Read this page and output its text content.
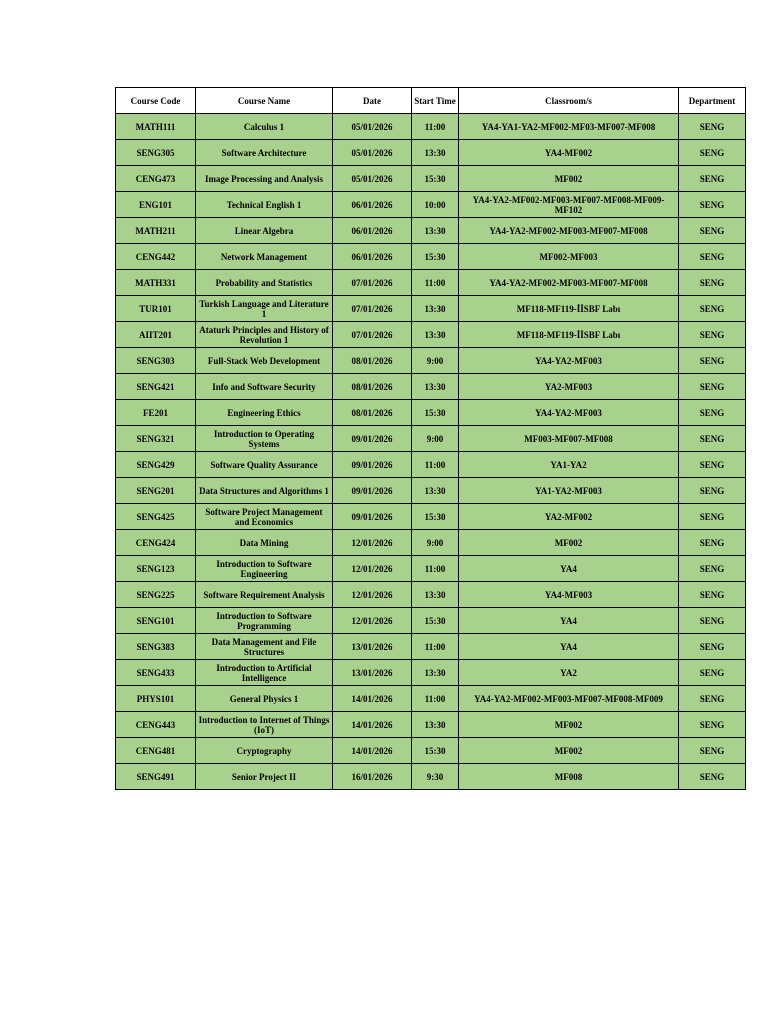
Course Code	Course Name	Date	Start Time	Classroom/s	Department
MATH111	Calculus 1	05/01/2026	11:00	YA4-YA1-YA2-MF002-MF03-MF007-MF008	SENG
SENG305	Software Architecture	05/01/2026	13:30	YA4-MF002	SENG
CENG473	Image Processing and Analysis	05/01/2026	15:30	MF002	SENG
ENG101	Technical English 1	06/01/2026	10:00	YA4-YA2-MF002-MF003-MF007-MF008-MF009-MF102	SENG
MATH211	Linear Algebra	06/01/2026	13:30	YA4-YA2-MF002-MF003-MF007-MF008	SENG
CENG442	Network Management	06/01/2026	15:30	MF002-MF003	SENG
MATH331	Probability and Statistics	07/01/2026	11:00	YA4-YA2-MF002-MF003-MF007-MF008	SENG
TUR101	Turkish Language and Literature 1	07/01/2026	13:30	MF118-MF119-İİSBF Labı	SENG
AIIT201	Ataturk Principles and History of Revolution 1	07/01/2026	13:30	MF118-MF119-İİSBF Labı	SENG
SENG303	Full-Stack Web Development	08/01/2026	9:00	YA4-YA2-MF003	SENG
SENG421	Info and Software Security	08/01/2026	13:30	YA2-MF003	SENG
FE201	Engineering Ethics	08/01/2026	15:30	YA4-YA2-MF003	SENG
SENG321	Introduction to Operating Systems	09/01/2026	9:00	MF003-MF007-MF008	SENG
SENG429	Software Quality Assurance	09/01/2026	11:00	YA1-YA2	SENG
SENG201	Data Structures and Algorithms 1	09/01/2026	13:30	YA1-YA2-MF003	SENG
SENG425	Software Project Management and Economics	09/01/2026	15:30	YA2-MF002	SENG
CENG424	Data Mining	12/01/2026	9:00	MF002	SENG
SENG123	Introduction to Software Engineering	12/01/2026	11:00	YA4	SENG
SENG225	Software Requirement Analysis	12/01/2026	13:30	YA4-MF003	SENG
SENG101	Introduction to Software Programming	12/01/2026	15:30	YA4	SENG
SENG383	Data Management and File Structures	13/01/2026	11:00	YA4	SENG
SENG433	Introduction to Artificial Intelligence	13/01/2026	13:30	YA2	SENG
PHYS101	General Physics 1	14/01/2026	11:00	YA4-YA2-MF002-MF003-MF007-MF008-MF009	SENG
CENG443	Introduction to Internet of Things (IoT)	14/01/2026	13:30	MF002	SENG
CENG481	Cryptography	14/01/2026	15:30	MF002	SENG
SENG491	Senior Project II	16/01/2026	9:30	MF008	SENG
